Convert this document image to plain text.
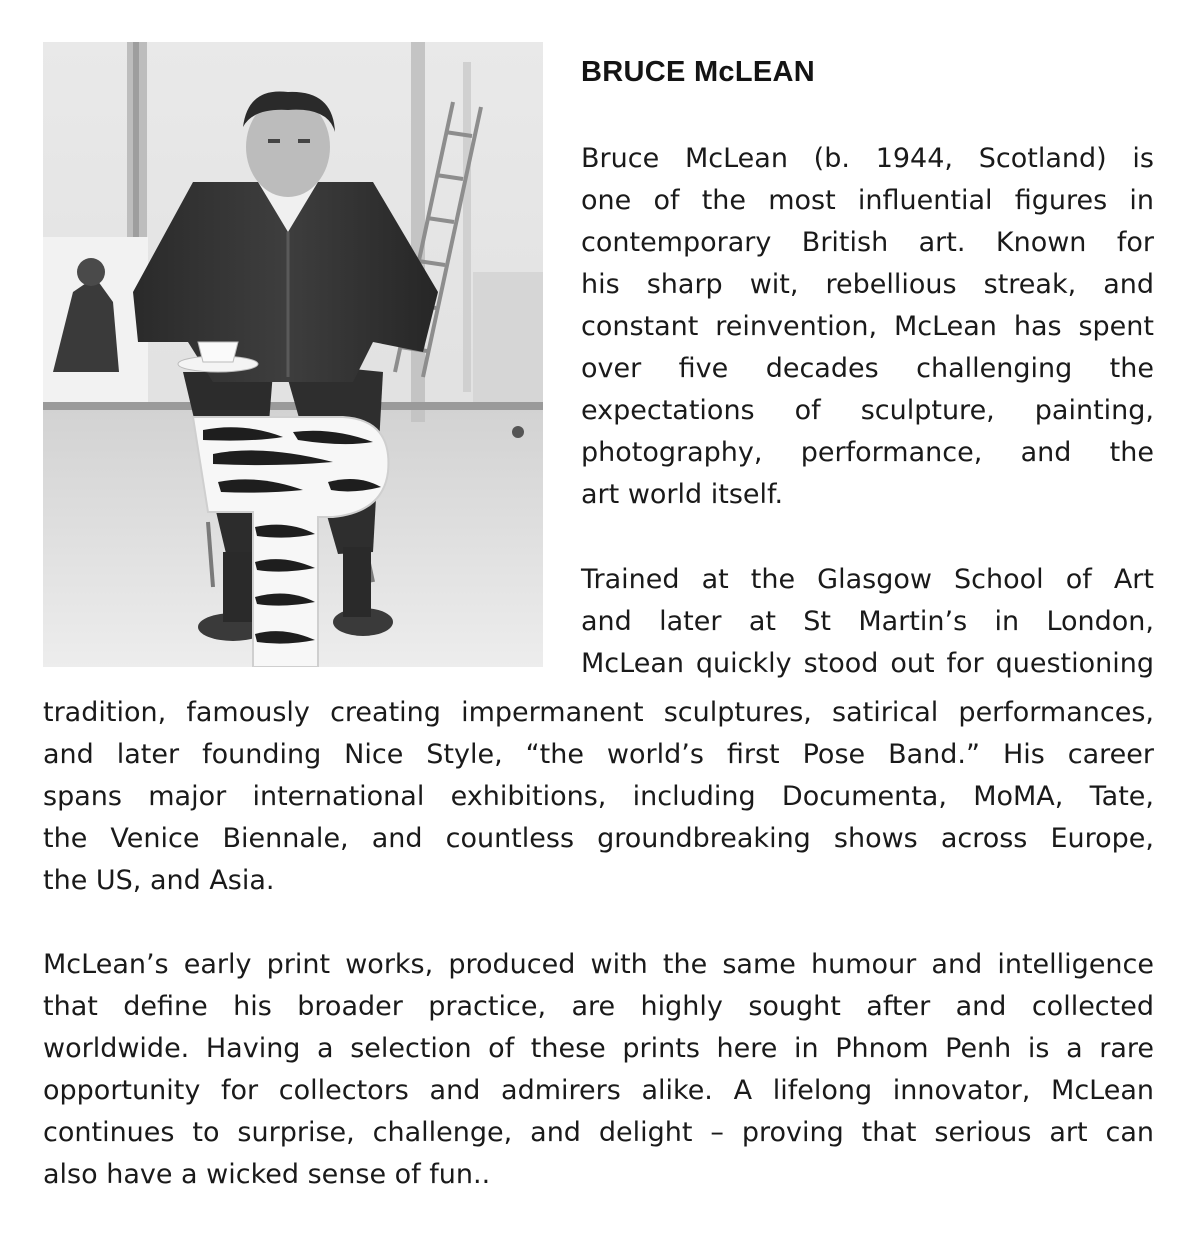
BRUCE McLEAN
Bruce McLean (b. 1944, Scotland) is
one of the most influential figures in
contemporary British art. Known for
his sharp wit, rebellious streak, and
constant reinvention, McLean has spent
over five decades challenging the
expectations of sculpture, painting,
photography, performance, and the
art world itself.
Trained at the Glasgow School of Art
and later at St Martin’s in London,
McLean quickly stood out for questioning
tradition, famously creating impermanent sculptures, satirical performances,
and later founding Nice Style, “the world’s first Pose Band.” His career
spans major international exhibitions, including Documenta, MoMA, Tate,
the Venice Biennale, and countless groundbreaking shows across Europe,
the US, and Asia.
McLean’s early print works, produced with the same humour and intelligence
that define his broader practice, are highly sought after and collected
worldwide. Having a selection of these prints here in Phnom Penh is a rare
opportunity for collectors and admirers alike. A lifelong innovator, McLean
continues to surprise, challenge, and delight – proving that serious art can
also have a wicked sense of fun..
